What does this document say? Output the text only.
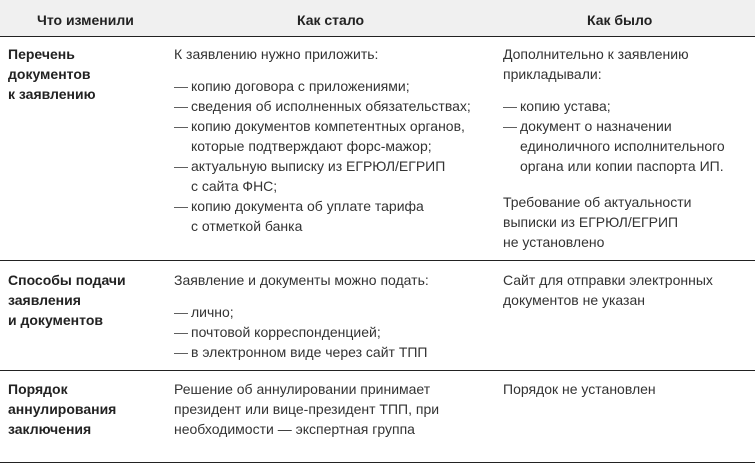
Что изменили	Как стало	Как было
Перечень
документов
к заявлению

К заявлению нужно приложить:

— копию договора с приложениями;
— сведения об исполненных обязательствах;
— копию документов компетентных органов,
которые подтверждают форс-мажор;
— актуальную выписку из ЕГРЮЛ/ЕГРИП
с сайта ФНС;
— копию документа об уплате тарифа
с отметкой банка
Дополнительно к заявлению
прикладывали:
— копию устава;
— документ о назначении
единоличного исполнительного
органа или копии паспорта ИП.
Требование об актуальности
выписки из ЕГРЮЛ/ЕГРИП
не установлено
Способы подачи
заявления
и документов

Заявление и документы можно подать:

— лично;
— почтовой корреспонденцией;
— в электронном виде через сайт ТПП
Сайт для отправки электронных
документов не указан
Порядок
аннулирования
заключения
Решение об аннулировании принимает
президент или вице-президент ТПП, при
необходимости — экспертная группа
Порядок не установлен
